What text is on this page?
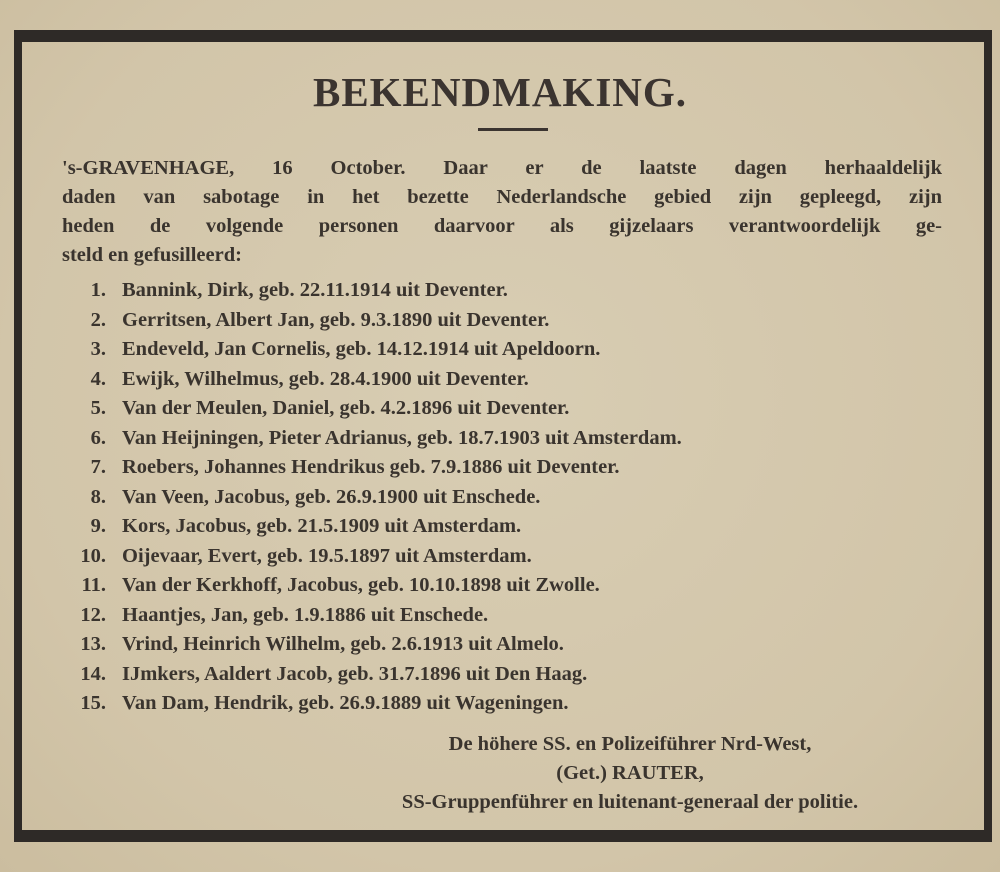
BEKENDMAKING.
's-GRAVENHAGE, 16 October. Daar er de laatste dagen herhaaldelijk
daden van sabotage in het bezette Nederlandsche gebied zijn gepleegd, zijn
heden de volgende personen daarvoor als gijzelaars verantwoordelijk ge-
steld en gefusilleerd:
1. Bannink, Dirk, geb. 22.11.1914 uit Deventer.
2. Gerritsen, Albert Jan, geb. 9.3.1890 uit Deventer.
3. Endeveld, Jan Cornelis, geb. 14.12.1914 uit Apeldoorn.
4. Ewijk, Wilhelmus, geb. 28.4.1900 uit Deventer.
5. Van der Meulen, Daniel, geb. 4.2.1896 uit Deventer.
6. Van Heijningen, Pieter Adrianus, geb. 18.7.1903 uit Amsterdam.
7. Roebers, Johannes Hendrikus geb. 7.9.1886 uit Deventer.
8. Van Veen, Jacobus, geb. 26.9.1900 uit Enschede.
9. Kors, Jacobus, geb. 21.5.1909 uit Amsterdam.
10. Oijevaar, Evert, geb. 19.5.1897 uit Amsterdam.
11. Van der Kerkhoff, Jacobus, geb. 10.10.1898 uit Zwolle.
12. Haantjes, Jan, geb. 1.9.1886 uit Enschede.
13. Vrind, Heinrich Wilhelm, geb. 2.6.1913 uit Almelo.
14. IJmkers, Aaldert Jacob, geb. 31.7.1896 uit Den Haag.
15. Van Dam, Hendrik, geb. 26.9.1889 uit Wageningen.
De höhere SS. en Polizeiführer Nrd-West,
(Get.) RAUTER,
SS-Gruppenführer en luitenant-generaal der politie.
